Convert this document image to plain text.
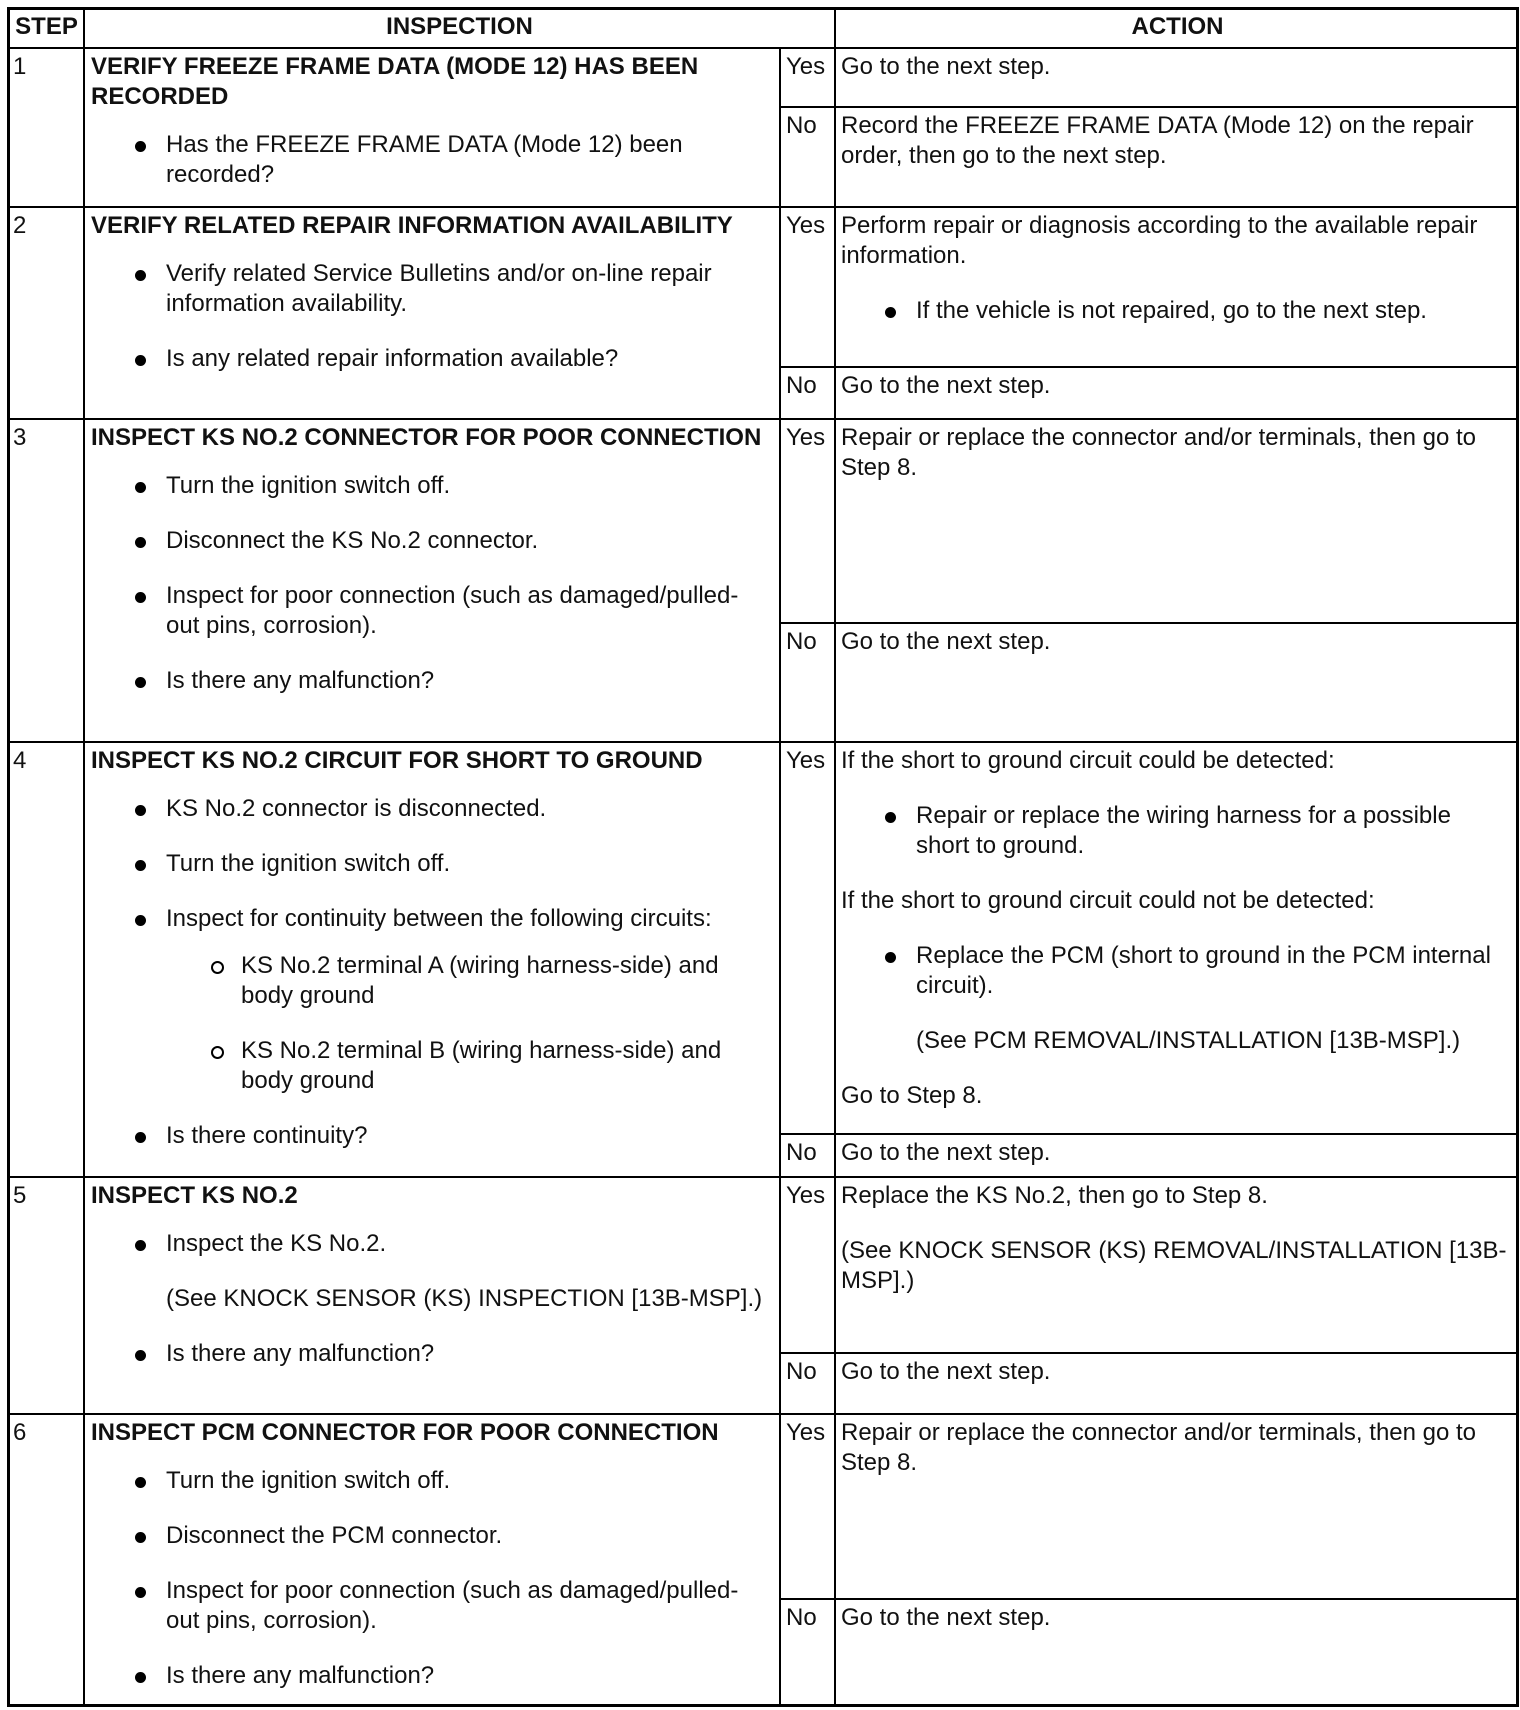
STEP	INSPECTION	ACTION
1	VERIFY FREEZE FRAME DATA (MODE 12) HAS BEEN RECORDED
Has the FREEZE FRAME DATA (Mode 12) been recorded?
Yes Go to the next step.
No	Record the FREEZE FRAME DATA (Mode 12) on the repair order, then go to the next step.
2	VERIFY RELATED REPAIR INFORMATION AVAILABILITY
Verify related Service Bulletins and/or on-line repair information availability.
Is any related repair information available?
Yes Perform repair or diagnosis according to the available repair information.
If the vehicle is not repaired, go to the next step.
No	Go to the next step.
3	INSPECT KS NO.2 CONNECTOR FOR POOR CONNECTION
Turn the ignition switch off.
Disconnect the KS No.2 connector.
Inspect for poor connection (such as damaged/pulled-out pins, corrosion).
Is there any malfunction?
Yes Repair or replace the connector and/or terminals, then go to Step 8.
No	Go to the next step.
4	INSPECT KS NO.2 CIRCUIT FOR SHORT TO GROUND
KS No.2 connector is disconnected.
Turn the ignition switch off.
Inspect for continuity between the following circuits:
KS No.2 terminal A (wiring harness-side) and body ground
KS No.2 terminal B (wiring harness-side) and body ground
Is there continuity?
Yes If the short to ground circuit could be detected:
Repair or replace the wiring harness for a possible short to ground.
If the short to ground circuit could not be detected:
Replace the PCM (short to ground in the PCM internal circuit).
(See PCM REMOVAL/INSTALLATION [13B-MSP].)
Go to Step 8.
No	Go to the next step.
5	INSPECT KS NO.2
Inspect the KS No.2.
(See KNOCK SENSOR (KS) INSPECTION [13B-MSP].)
Is there any malfunction?
Yes Replace the KS No.2, then go to Step 8.
(See KNOCK SENSOR (KS) REMOVAL/INSTALLATION [13B-MSP].)
No	Go to the next step.
6	INSPECT PCM CONNECTOR FOR POOR CONNECTION
Turn the ignition switch off.
Disconnect the PCM connector.
Inspect for poor connection (such as damaged/pulled-out pins, corrosion).
Is there any malfunction?
Yes Repair or replace the connector and/or terminals, then go to Step 8.
No	Go to the next step.
